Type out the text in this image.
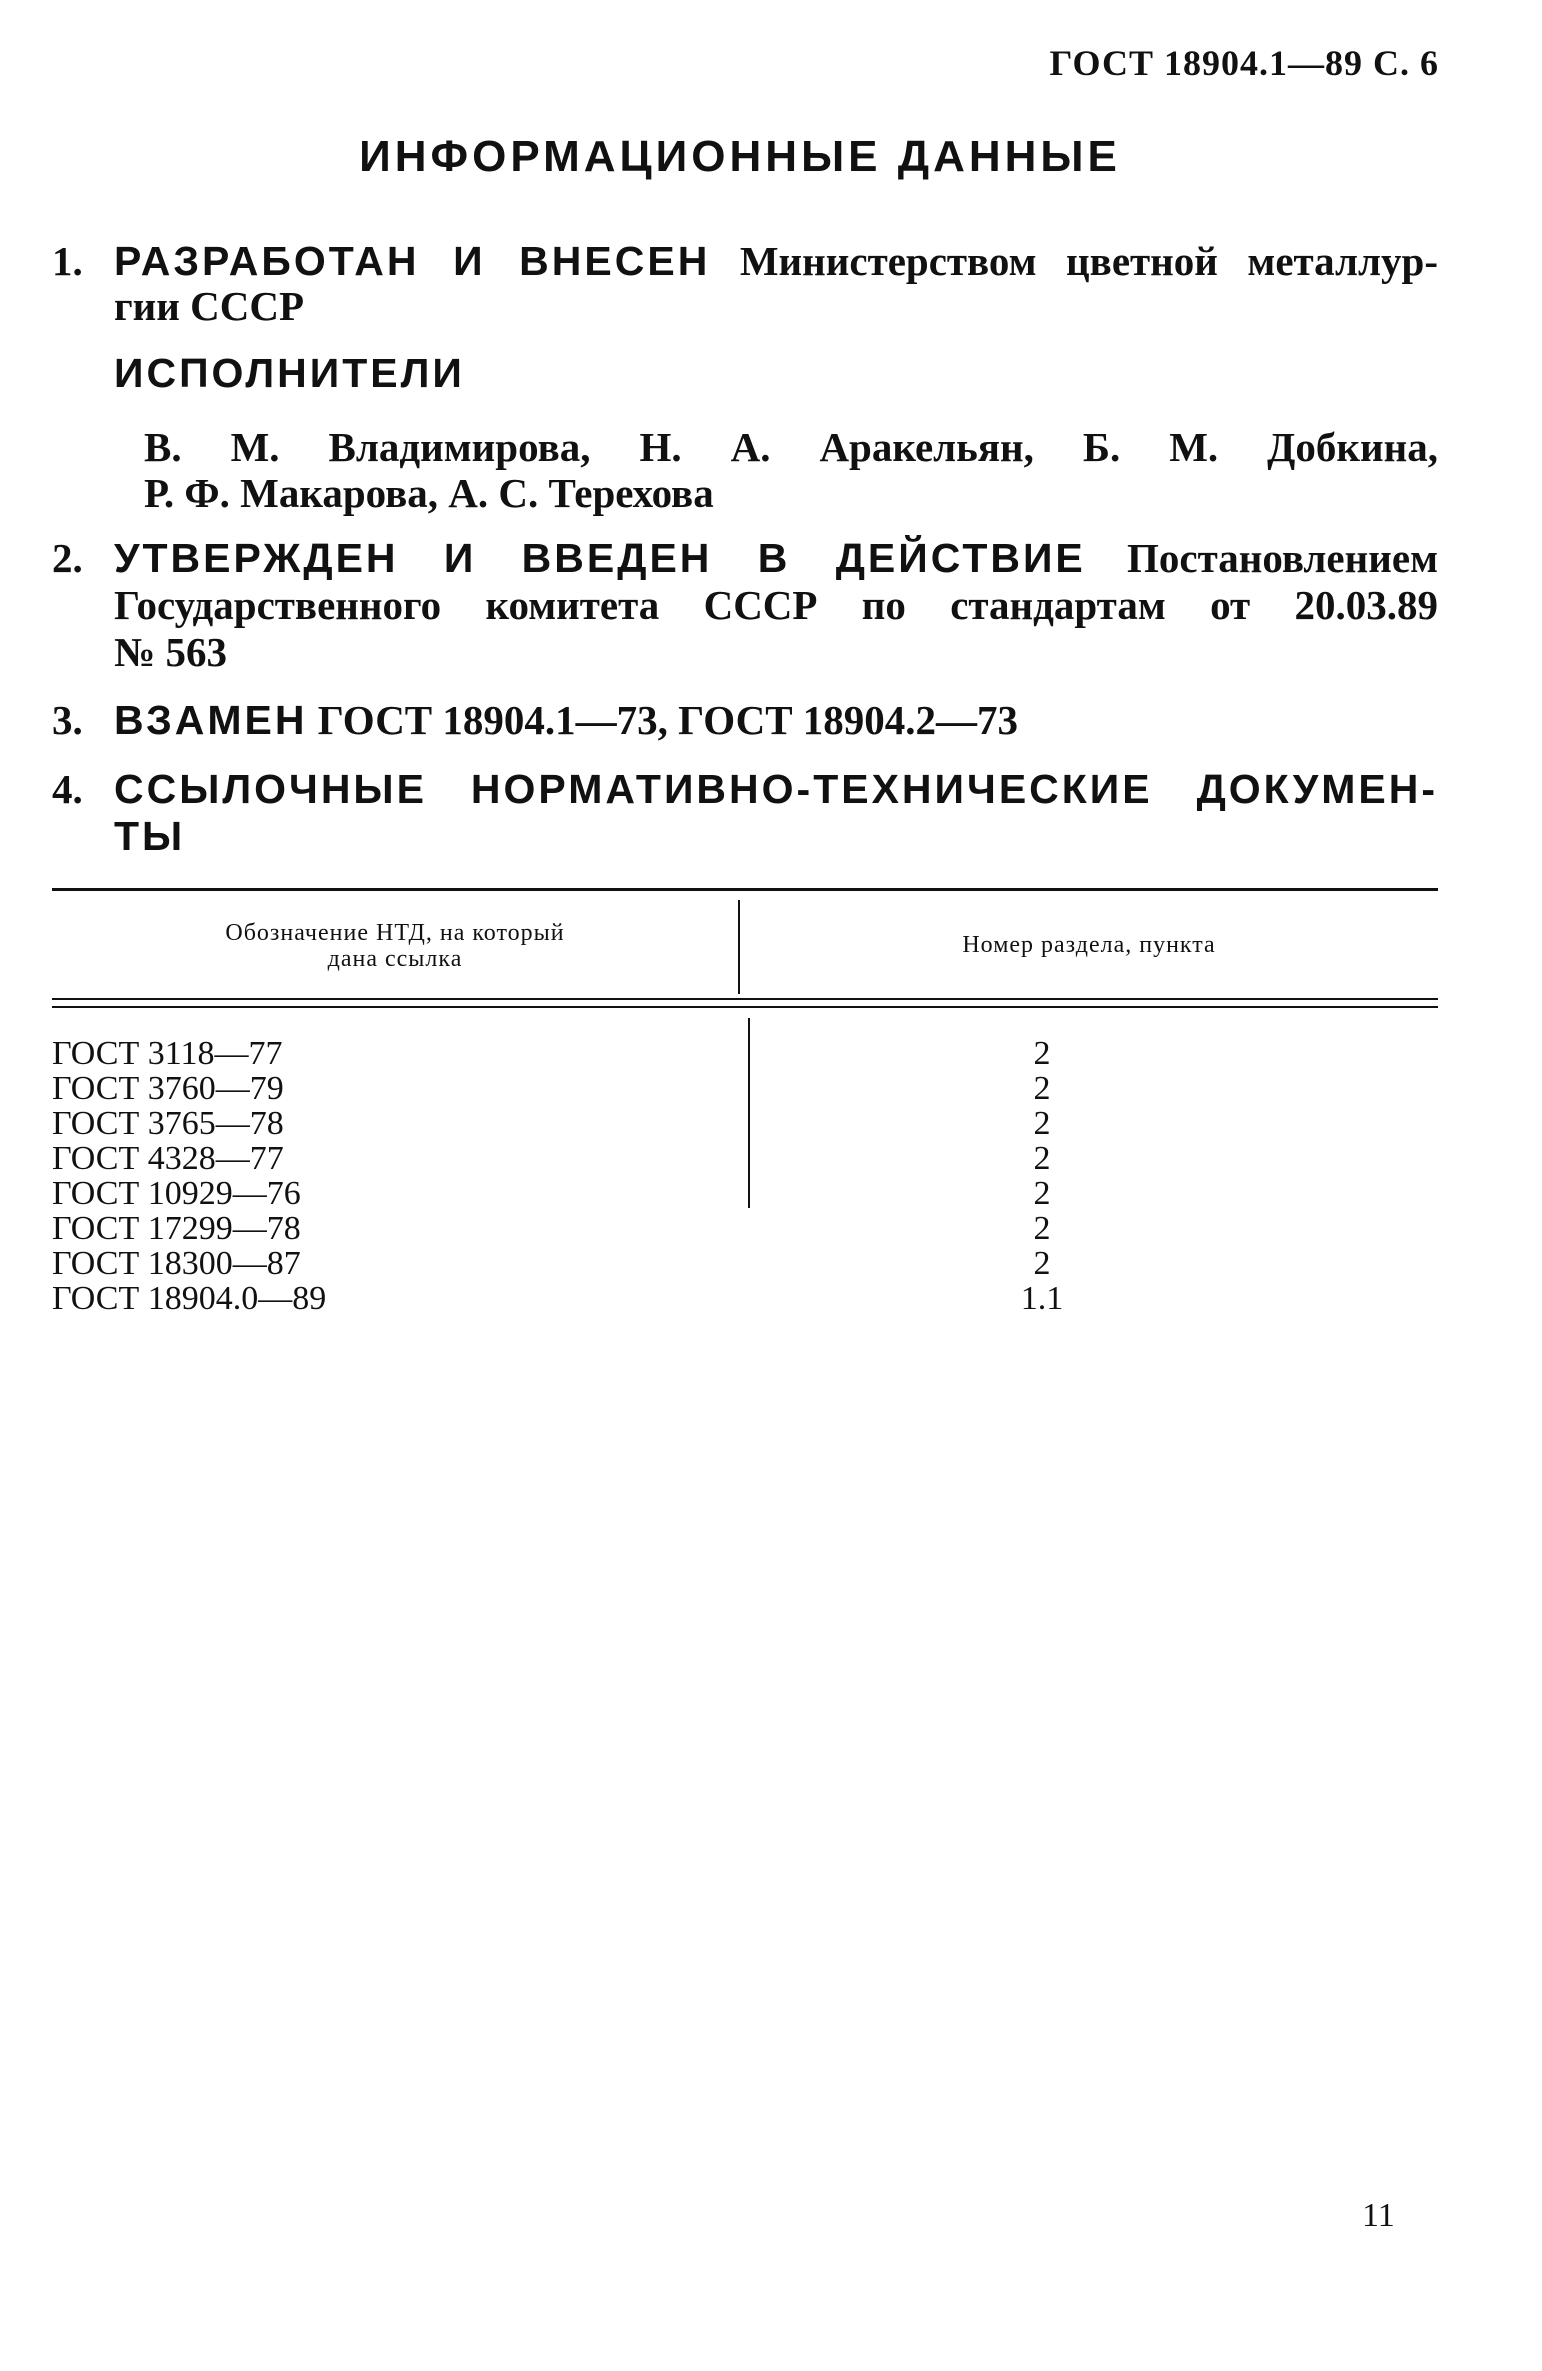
ГОСТ 18904.1—89 С. 6
ИНФОРМАЦИОННЫЕ ДАННЫЕ
1. РАЗРАБОТАН И ВНЕСЕН Министерством цветной металлур-
гии СССР
ИСПОЛНИТЕЛИ
В. М. Владимирова, Н. А. Аракельян, Б. М. Добкина,
Р. Ф. Макарова, А. С. Терехова
2. УТВЕРЖДЕН И ВВЕДЕН В ДЕЙСТВИЕ Постановлением
Государственного комитета СССР по стандартам от 20.03.89
№ 563
3. ВЗАМЕН ГОСТ 18904.1—73, ГОСТ 18904.2—73
4. ССЫЛОЧНЫЕ НОРМАТИВНО-ТЕХНИЧЕСКИЕ ДОКУМЕН-
ТЫ
Обозначение НТД, на который
дана ссылка
Номер раздела, пункта
ГОСТ 3118—77	2
ГОСТ 3760—79	2
ГОСТ 3765—78	2
ГОСТ 4328—77	2
ГОСТ 10929—76	2
ГОСТ 17299—78	2
ГОСТ 18300—87	2
ГОСТ 18904.0—89	1.1
11
